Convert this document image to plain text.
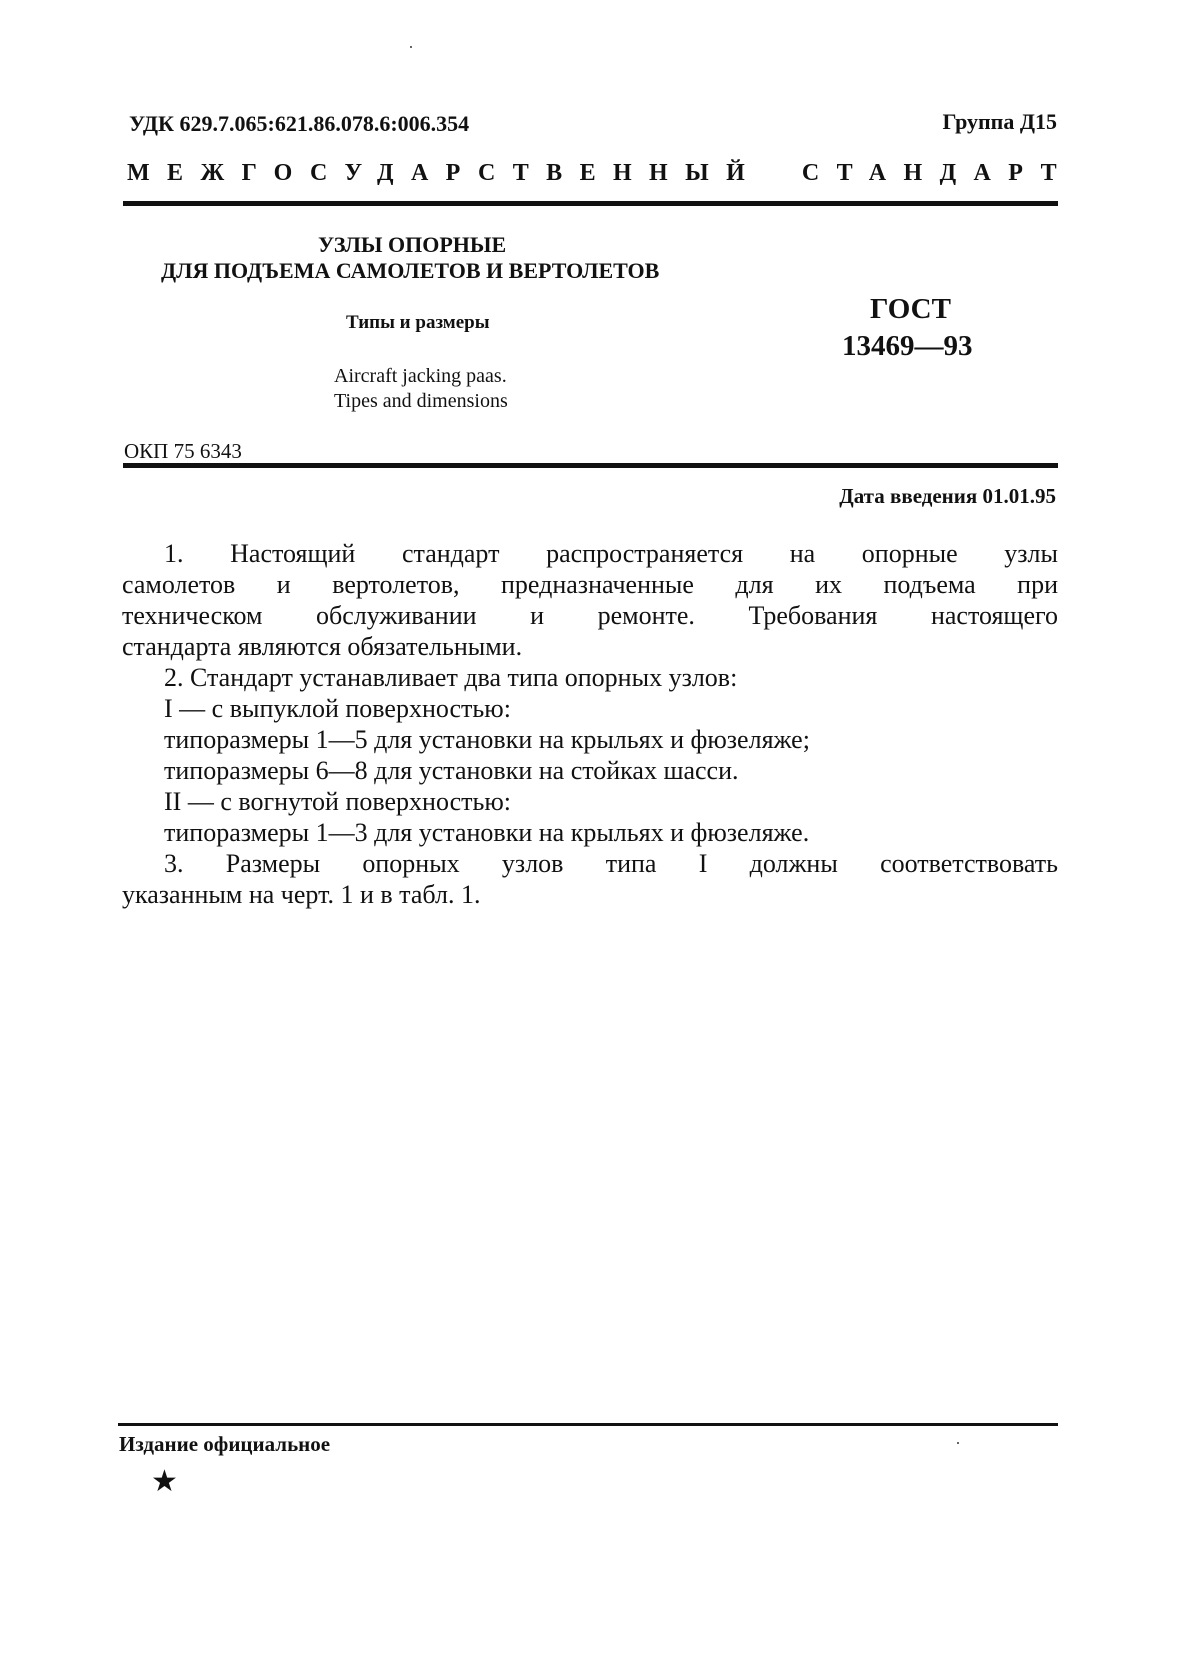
УДК 629.7.065:621.86.078.6:006.354	Группа Д15
МЕЖГОСУДАРСТВЕННЫЙ СТАНДАРТ
УЗЛЫ ОПОРНЫЕ
ДЛЯ ПОДЪЕМА САМОЛЕТОВ И ВЕРТОЛЕТОВ
Типы и размеры	ГОСТ
13469—93
Aircraft jacking paas.
Tipes and dimensions
ОКП 75 6343
Дата введения 01.01.95
1. Настоящий стандарт распространяется на опорные узлы
самолетов и вертолетов, предназначенные для их подъема при
техническом обслуживании и ремонте. Требования настоящего
стандарта являются обязательными.
2. Стандарт устанавливает два типа опорных узлов:
I — с выпуклой поверхностью:
типоразмеры 1—5 для установки на крыльях и фюзеляже;
типоразмеры 6—8 для установки на стойках шасси.
II — с вогнутой поверхностью:
типоразмеры 1—3 для установки на крыльях и фюзеляже.
3. Размеры опорных узлов типа I должны соответствовать
указанным на черт. 1 и в табл. 1.
Издание официальное
★
